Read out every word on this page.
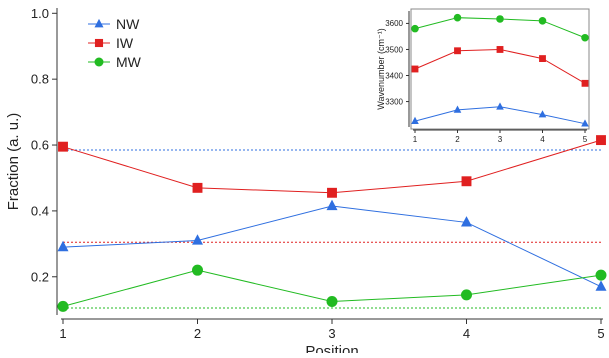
0.2
0.4
0.6
0.8
1.0
1	2	3	4	5
Position
Fraction (a. u.)
NW
IW
MW
3300
3400
3500
3600
1	2	3	4	5
Wavenumber (cm⁻¹)
